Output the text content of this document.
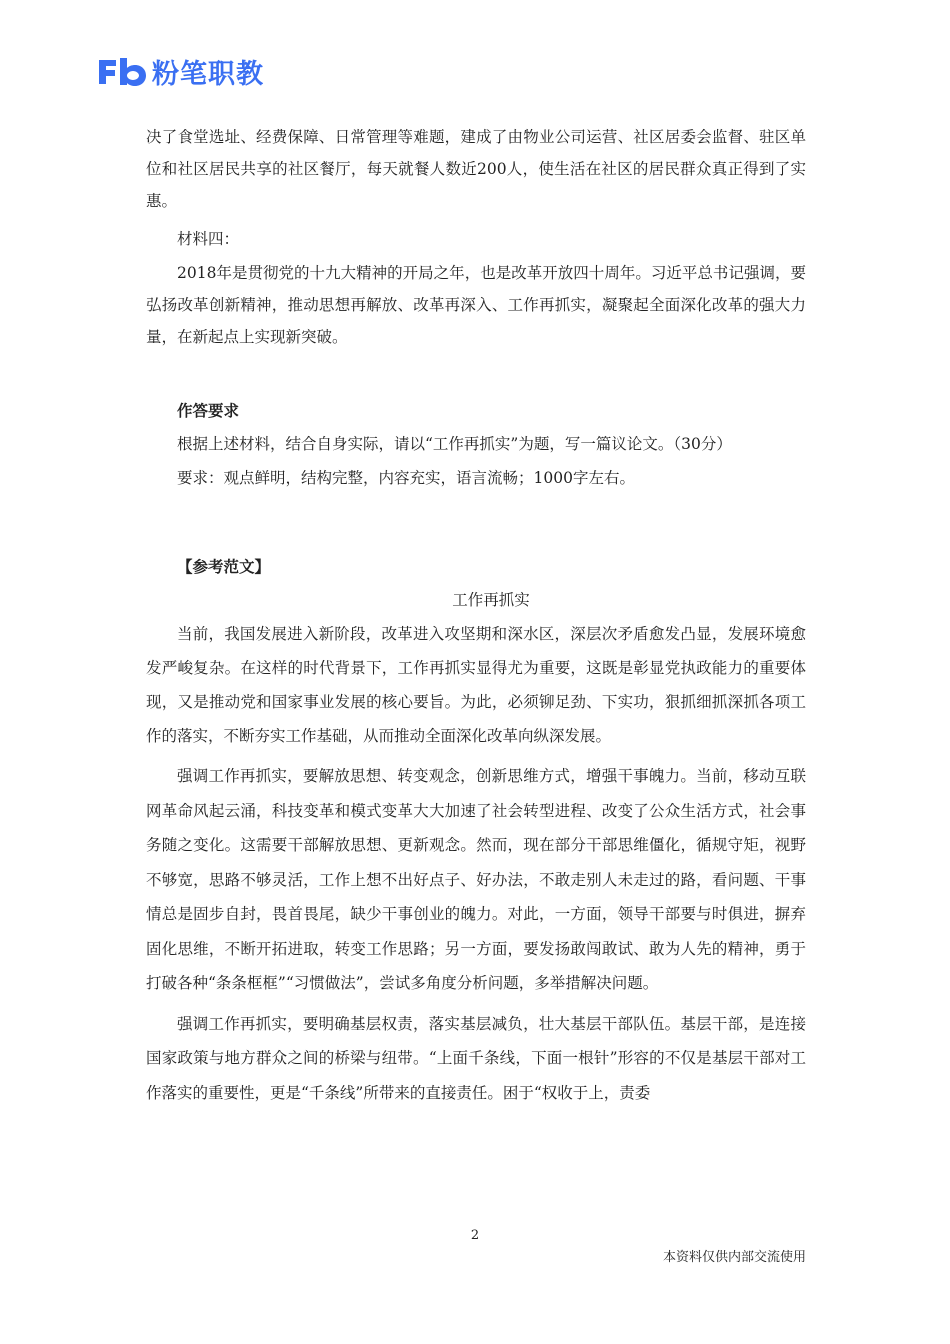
粉笔职教

决了食堂选址、经费保障、日常管理等难题，建成了由物业公司运营、社区居委会监督、驻区单位和社区居民共享的社区餐厅，每天就餐人数近200人，使生活在社区的居民群众真正得到了实惠。

材料四：

2018年是贯彻党的十九大精神的开局之年，也是改革开放四十周年。习近平总书记强调，要弘扬改革创新精神，推动思想再解放、改革再深入、工作再抓实，凝聚起全面深化改革的强大力量，在新起点上实现新突破。

作答要求

根据上述材料，结合自身实际，请以“工作再抓实”为题，写一篇议论文。（30分）

要求：观点鲜明，结构完整，内容充实，语言流畅；1000字左右。

【参考范文】

工作再抓实

当前，我国发展进入新阶段，改革进入攻坚期和深水区，深层次矛盾愈发凸显，发展环境愈发严峻复杂。在这样的时代背景下，工作再抓实显得尤为重要，这既是彰显党执政能力的重要体现，又是推动党和国家事业发展的核心要旨。为此，必须铆足劲、下实功，狠抓细抓深抓各项工作的落实，不断夯实工作基础，从而推动全面深化改革向纵深发展。

强调工作再抓实，要解放思想、转变观念，创新思维方式，增强干事魄力。当前，移动互联网革命风起云涌，科技变革和模式变革大大加速了社会转型进程、改变了公众生活方式，社会事务随之变化。这需要干部解放思想、更新观念。然而，现在部分干部思维僵化，循规守矩，视野不够宽，思路不够灵活，工作上想不出好点子、好办法，不敢走别人未走过的路，看问题、干事情总是固步自封，畏首畏尾，缺少干事创业的魄力。对此，一方面，领导干部要与时俱进，摒弃固化思维，不断开拓进取，转变工作思路；另一方面，要发扬敢闯敢试、敢为人先的精神，勇于打破各种“条条框框”“习惯做法”，尝试多角度分析问题，多举措解决问题。

强调工作再抓实，要明确基层权责，落实基层减负，壮大基层干部队伍。基层干部，是连接国家政策与地方群众之间的桥梁与纽带。“上面千条线，下面一根针”形容的不仅是基层干部对工作落实的重要性，更是“千条线”所带来的直接责任。困于“权收于上，责委

2
本资料仅供内部交流使用
